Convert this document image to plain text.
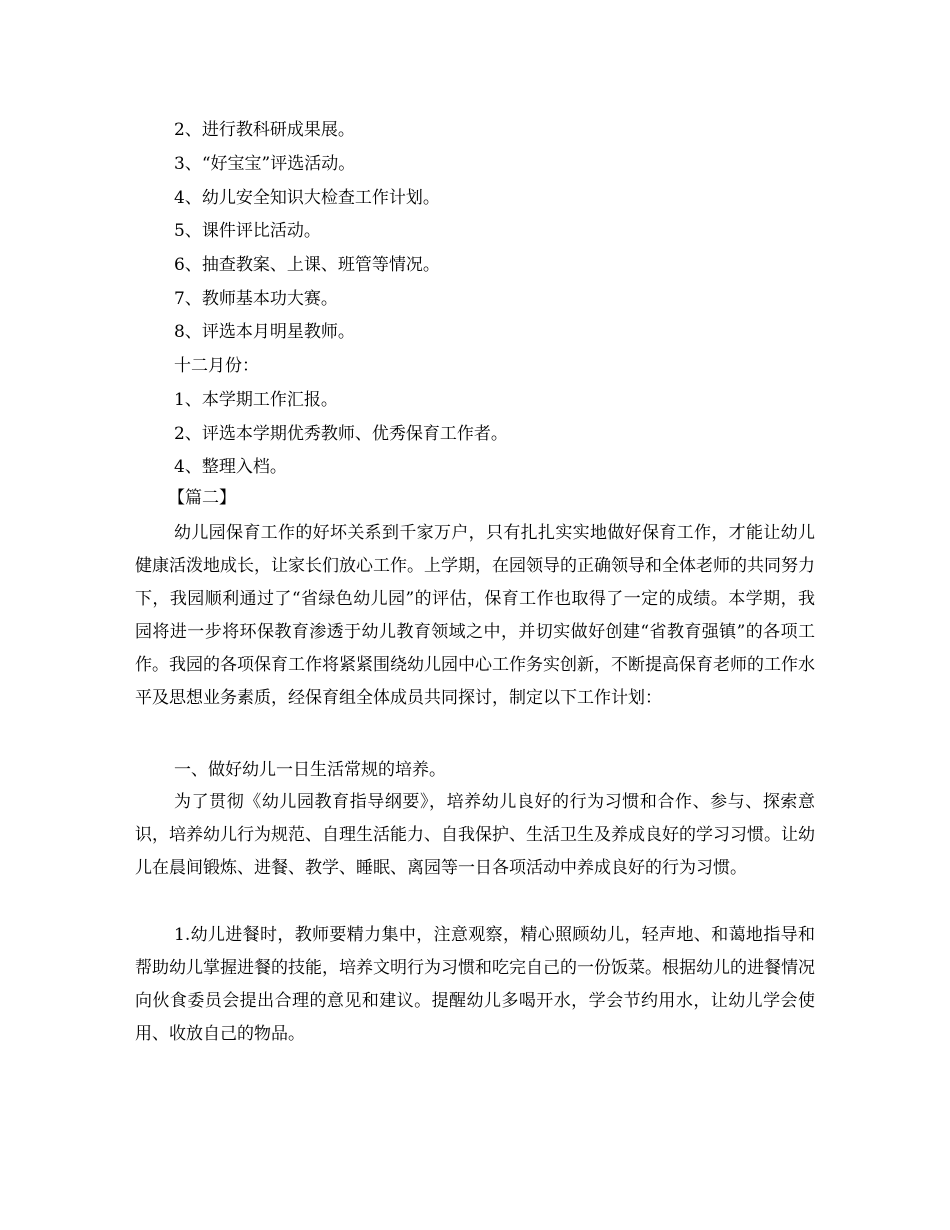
2、进行教科研成果展。
3、“好宝宝”评选活动。
4、幼儿安全知识大检查工作计划。
5、课件评比活动。
6、抽查教案、上课、班管等情况。
7、教师基本功大赛。
8、评选本月明星教师。
十二月份：
1、本学期工作汇报。
2、评选本学期优秀教师、优秀保育工作者。
4、整理入档。
【篇二】

幼儿园保育工作的好坏关系到千家万户，只有扎扎实实地做好保育工作，才能让幼儿健康活泼地成长，让家长们放心工作。上学期，在园领导的正确领导和全体老师的共同努力下，我园顺利通过了“省绿色幼儿园”的评估，保育工作也取得了一定的成绩。本学期，我园将进一步将环保教育渗透于幼儿教育领域之中，并切实做好创建“省教育强镇”的各项工作。我园的各项保育工作将紧紧围绕幼儿园中心工作务实创新，不断提高保育老师的工作水平及思想业务素质，经保育组全体成员共同探讨，制定以下工作计划：

一、做好幼儿一日生活常规的培养。

为了贯彻《幼儿园教育指导纲要》，培养幼儿良好的行为习惯和合作、参与、探索意识，培养幼儿行为规范、自理生活能力、自我保护、生活卫生及养成良好的学习习惯。让幼儿在晨间锻炼、进餐、教学、睡眠、离园等一日各项活动中养成良好的行为习惯。

1.幼儿进餐时，教师要精力集中，注意观察，精心照顾幼儿，轻声地、和蔼地指导和帮助幼儿掌握进餐的技能，培养文明行为习惯和吃完自己的一份饭菜。根据幼儿的进餐情况向伙食委员会提出合理的意见和建议。提醒幼儿多喝开水，学会节约用水，让幼儿学会使用、收放自己的物品。
